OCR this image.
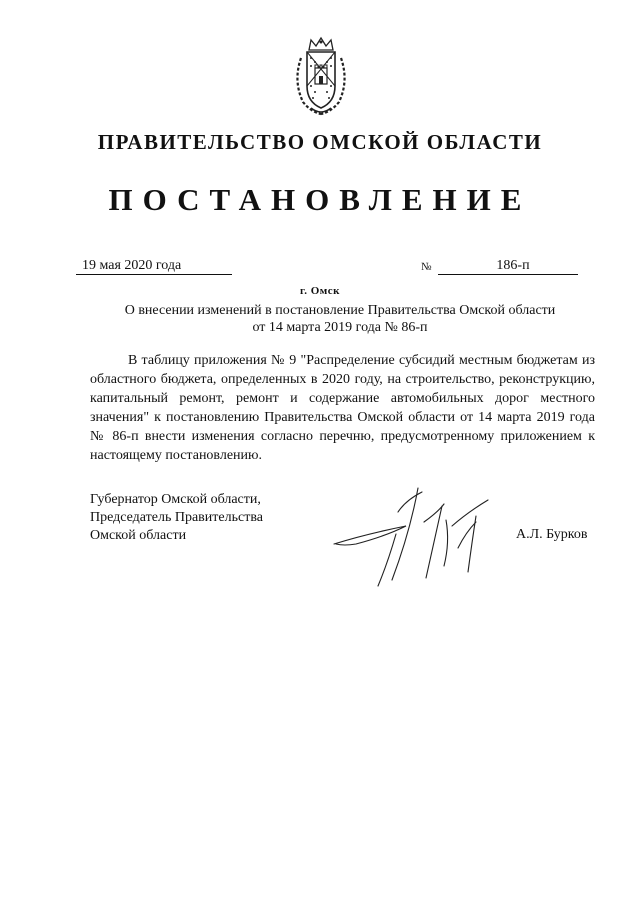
ПРАВИТЕЛЬСТВО ОМСКОЙ ОБЛАСТИ
ПОСТАНОВЛЕНИЕ
19 мая 2020 года	№	186-п
г. Омск
О внесении изменений в постановление Правительства Омской области
от 14 марта 2019 года № 86-п

В таблицу приложения № 9 "Распределение субсидий местным бюджетам из областного бюджета, определенных в 2020 году, на строительство, реконструкцию, капитальный ремонт, ремонт и содержание автомобильных дорог местного значения" к постановлению Правительства Омской области от 14 марта 2019 года № 86-п внести изменения согласно перечню, предусмотренному приложением к настоящему постановлению.

Губернатор Омской области,
Председатель Правительства
Омской области	А.Л. Бурков
